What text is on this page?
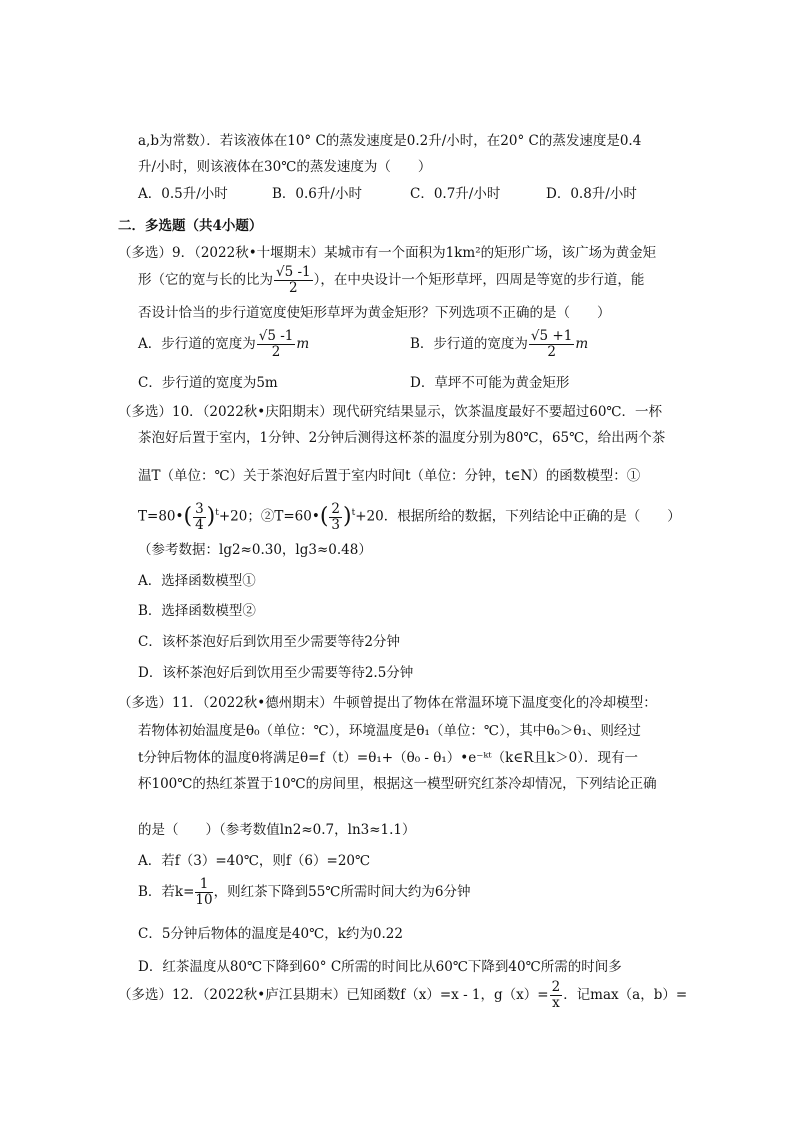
a,b为常数）．若该液体在10° C的蒸发速度是0.2升/小时，在20° C的蒸发速度是0.4
升/小时，则该液体在30℃的蒸发速度为（　　）
A．0.5升/小时	B．0.6升/小时	C．0.7升/小时	D．0.8升/小时
二．多选题（共4小题）
（多选）9．（2022秋•十堰期末）某城市有一个面积为1km²的矩形广场，该广场为黄金矩
形（它的宽与长的比为 $\frac{√5 -1}{2}$ ），在中央设计一个矩形草坪，四周是等宽的步行道，能
否设计恰当的步行道宽度使矩形草坪为黄金矩形？下列选项不正确的是（　　）
A．步行道的宽度为 $\frac{√5 -1}{2}$ m	B．步行道的宽度为 $\frac{√5 +1}{2}$ m
C．步行道的宽度为5m	D．草坪不可能为黄金矩形
（多选）10．（2022秋•庆阳期末）现代研究结果显示，饮茶温度最好不要超过60℃．一杯
茶泡好后置于室内，1分钟、2分钟后测得这杯茶的温度分别为80℃，65℃，给出两个茶
温T（单位：℃）关于茶泡好后置于室内时间t（单位：分钟，t∈N）的函数模型：①
T=80•( $\frac{3}{4} )^t+20$；②T=60•( $\frac{2}{3} )^t+20$．根据所给的数据，下列结论中正确的是（　　）
（参考数据：lg2≈0.30，lg3≈0.48）
A．选择函数模型①
B．选择函数模型②
C．该杯茶泡好后到饮用至少需要等待2分钟
D．该杯茶泡好后到饮用至少需要等待2.5分钟
（多选）11．（2022秋•德州期末）牛顿曾提出了物体在常温环境下温度变化的冷却模型：
若物体初始温度是θ₀（单位：℃），环境温度是θ₁（单位：℃），其中θ₀＞θ₁、则经过
t分钟后物体的温度θ将满足θ=f（t）=θ₁+（θ₀ - θ₁）•e⁻ᵏᵗ（k∈R且k＞0）．现有一
杯100℃的热红茶置于10℃的房间里，根据这一模型研究红茶冷却情况，下列结论正确
的是（　　）（参考数值ln2≈0.7，ln3≈1.1）
A．若f（3）=40℃，则f（6）=20℃
B．若$k= \frac{1}{10}$ ，则红茶下降到55℃所需时间大约为6分钟
C．5分钟后物体的温度是40℃，k约为0.22
D．红茶温度从80℃下降到60° C所需的时间比从60℃下降到40℃所需的时间多
（多选）12．（2022秋•庐江县期末）已知函数f（x）=x - 1，$g(x)= \frac{2}{x}$ ．记max（a，b）=
